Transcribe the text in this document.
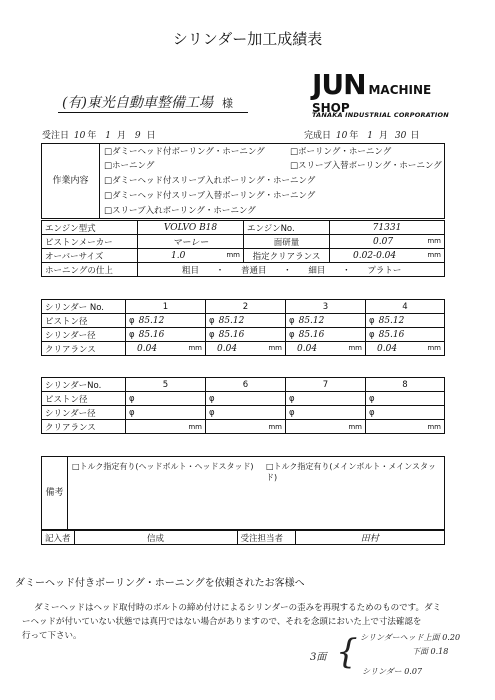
シリンダー加工成績表
(有)東光自動車整備工場 様
JUN MACHINE SHOP
TANAKA INDUSTRIAL CORPORATION
受注日 10 年 1 月 9 日	完成日 10 年 1 月 30 日
作業内容
□ダミーヘッド付ボーリング・ホーニング	□ボーリング・ホーニング
□ホーニング	□スリーブ入替ボーリング・ホーニング
□ダミーヘッド付スリーブ入れボーリング・ホーニング
□ダミーヘッド付スリーブ入替ボーリング・ホーニング
□スリーブ入れボーリング・ホーニング
エンジン型式	VOLVO B18	エンジンNo.	71331
ピストンメーカー	マーレー	面研量	0.07 mm

オーバーサイズ	1.0 mm	指定クリアランス	0.02-0.04 mm

ホーニングの仕上	粗目 ・ 普通目 ・ 細目 ・ プラトー		
シリンダー No.	1	2	3	4
ピストン径	φ 85.12	φ 85.12	φ 85.12	φ 85.12
シリンダー径	φ 85.16	φ 85.16	φ 85.16	φ 85.16
クリアランス	0.04 mm	0.04 mm	0.04 mm	0.04 mm
シリンダーNo.	5	6	7	8
ピストン径	φ	φ	φ	φ
シリンダー径	φ	φ	φ	φ
クリアランス	mm	mm	mm	mm
備考
□トルク指定有り(ヘッドボルト・ヘッドスタッド) □トルク指定有り(メインボルト・メインスタッド)
記入者	信成	受注担当者	田村
ダミーヘッド付きボーリング・ホーニングを依頼されたお客様へ
ダミーヘッドはヘッド取付時のボルトの締め付けによるシリンダーの歪みを再現するためのものです。ダミ
ーヘッドが付いていない状態では真円ではない場合がありますので、それを念頭においた上で寸法確認を
行って下さい。
3面 { シリンダーヘッド上面 0.20
下面 0.18
シリンダー 0.07
